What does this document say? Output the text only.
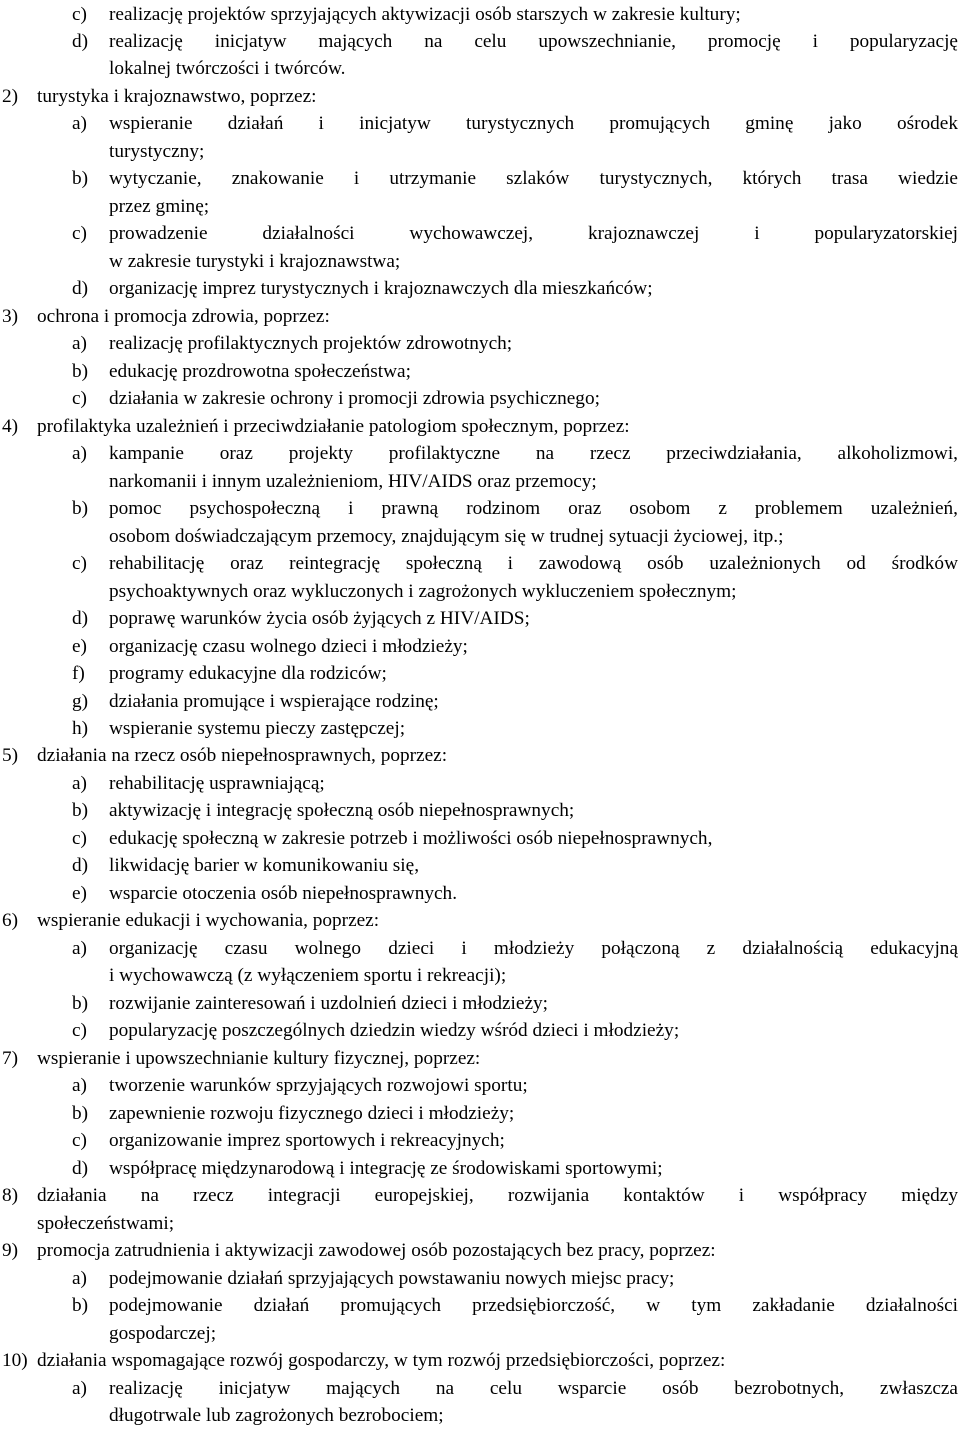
c) realizację projektów sprzyjających aktywizacji osób starszych w zakresie kultury;
d) realizację inicjatyw mających na celu upowszechnianie, promocję i popularyzację
lokalnej twórczości i twórców.
2) turystyka i krajoznawstwo, poprzez:
a) wspieranie działań i inicjatyw turystycznych promujących gminę jako ośrodek
turystyczny;
b) wytyczanie, znakowanie i utrzymanie szlaków turystycznych, których trasa wiedzie
przez gminę;
c) prowadzenie działalności wychowawczej, krajoznawczej i popularyzatorskiej
w zakresie turystyki i krajoznawstwa;
d) organizację imprez turystycznych i krajoznawczych dla mieszkańców;
3) ochrona i promocja zdrowia, poprzez:
a) realizację profilaktycznych projektów zdrowotnych;
b) edukację prozdrowotna społeczeństwa;
c) działania w zakresie ochrony i promocji zdrowia psychicznego;
4) profilaktyka uzależnień i przeciwdziałanie patologiom społecznym, poprzez:
a) kampanie oraz projekty profilaktyczne na rzecz przeciwdziałania, alkoholizmowi,
narkomanii i innym uzależnieniom, HIV/AIDS oraz przemocy;
b) pomoc psychospołeczną i prawną rodzinom oraz osobom z problemem uzależnień,
osobom doświadczającym przemocy, znajdującym się w trudnej sytuacji życiowej, itp.;
c) rehabilitację oraz reintegrację społeczną i zawodową osób uzależnionych od środków
psychoaktywnych oraz wykluczonych i zagrożonych wykluczeniem społecznym;
d) poprawę warunków życia osób żyjących z HIV/AIDS;
e) organizację czasu wolnego dzieci i młodzieży;
f) programy edukacyjne dla rodziców;
g) działania promujące i wspierające rodzinę;
h) wspieranie systemu pieczy zastępczej;
5) działania na rzecz osób niepełnosprawnych, poprzez:
a) rehabilitację usprawniającą;
b) aktywizację i integrację społeczną osób niepełnosprawnych;
c) edukację społeczną w zakresie potrzeb i możliwości osób niepełnosprawnych,
d) likwidację barier w komunikowaniu się,
e) wsparcie otoczenia osób niepełnosprawnych.
6) wspieranie edukacji i wychowania, poprzez:
a) organizację czasu wolnego dzieci i młodzieży połączoną z działalnością edukacyjną
i wychowawczą (z wyłączeniem sportu i rekreacji);
b) rozwijanie zainteresowań i uzdolnień dzieci i młodzieży;
c) popularyzację poszczególnych dziedzin wiedzy wśród dzieci i młodzieży;
7) wspieranie i upowszechnianie kultury fizycznej, poprzez:
a) tworzenie warunków sprzyjających rozwojowi sportu;
b) zapewnienie rozwoju fizycznego dzieci i młodzieży;
c) organizowanie imprez sportowych i rekreacyjnych;
d) współpracę międzynarodową i integrację ze środowiskami sportowymi;
8) działania na rzecz integracji europejskiej, rozwijania kontaktów i współpracy między
społeczeństwami;
9) promocja zatrudnienia i aktywizacji zawodowej osób pozostających bez pracy, poprzez:
a) podejmowanie działań sprzyjających powstawaniu nowych miejsc pracy;
b) podejmowanie działań promujących przedsiębiorczość, w tym zakładanie działalności
gospodarczej;
10) działania wspomagające rozwój gospodarczy, w tym rozwój przedsiębiorczości, poprzez:
a) realizację inicjatyw mających na celu wsparcie osób bezrobotnych, zwłaszcza
długotrwale lub zagrożonych bezrobociem;
